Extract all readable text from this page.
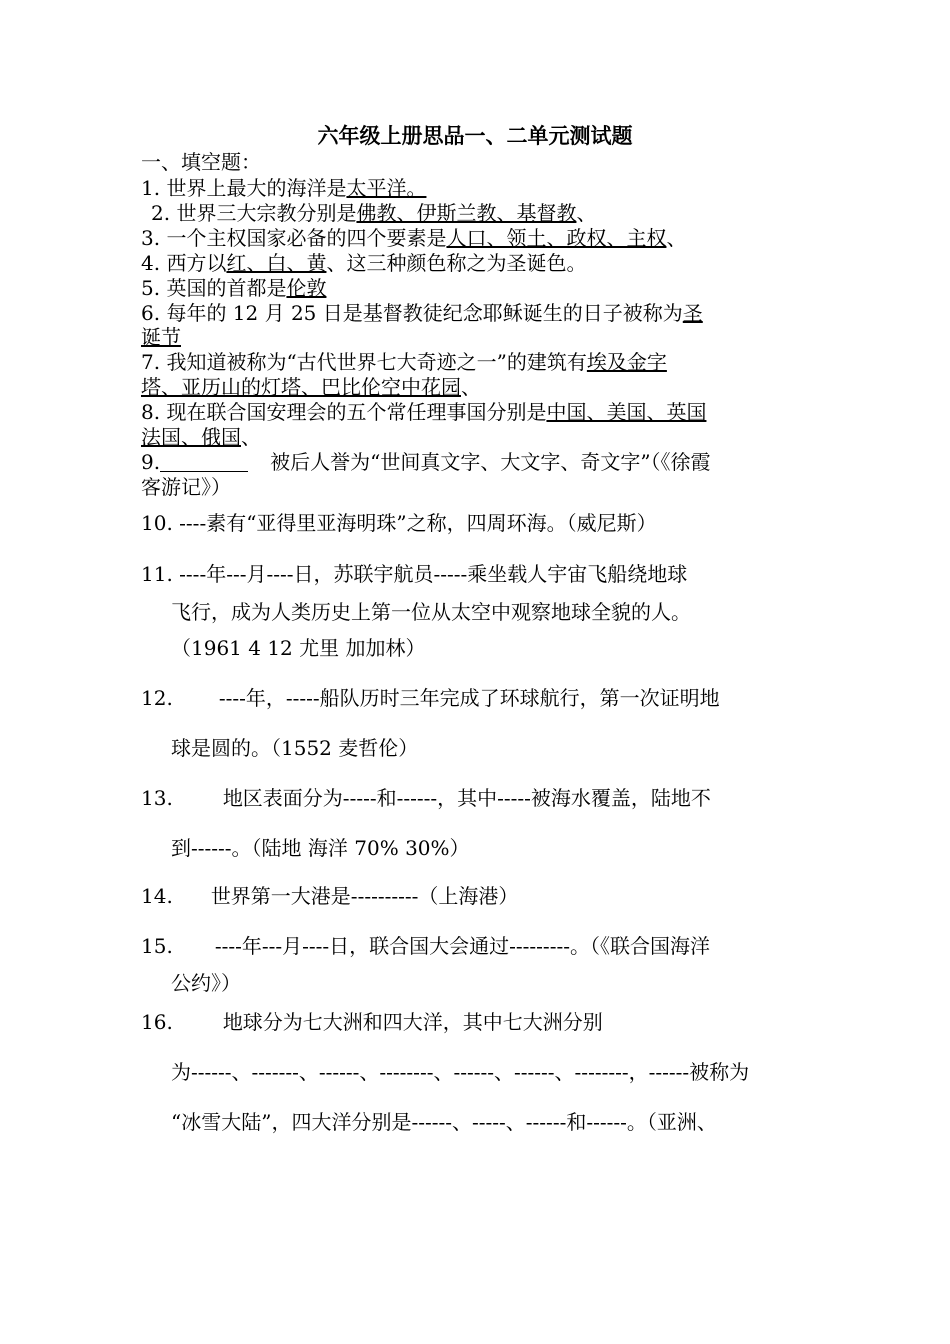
六年级上册思品一、二单元测试题
一、填空题：
1. 世界上最大的海洋是太平洋。
2. 世界三大宗教分别是佛教、伊斯兰教、基督教、
3. 一个主权国家必备的四个要素是人口、领土、政权、主权、
4. 西方以红、白、黄、这三种颜色称之为圣诞色。
5. 英国的首都是伦敦
6. 每年的 12 月 25 日是基督教徒纪念耶稣诞生的日子被称为圣
诞节
7. 我知道被称为“古代世界七大奇迹之一”的建筑有埃及金字
塔、亚历山的灯塔、巴比伦空中花园、
8. 现在联合国安理会的五个常任理事国分别是中国、美国、英国
法国、俄国、
9.	被后人誉为“世间真文字、大文字、奇文字”（《徐霞
客游记》）
10. ----素有“亚得里亚海明珠”之称，四周环海。（威尼斯）
11. ----年---月----日，苏联宇航员-----乘坐载人宇宙飞船绕地球
飞行，成为人类历史上第一位从太空中观察地球全貌的人。
（1961 4 12 尤里 加加林）
12. ----年，-----船队历时三年完成了环球航行，第一次证明地
球是圆的。（1552 麦哲伦）
13.	地区表面分为-----和------，其中-----被海水覆盖，陆地不
到------。（陆地 海洋 70% 30%）
14. 世界第一大港是----------（上海港）
15. ----年---月----日，联合国大会通过---------。（《联合国海洋
公约》）
16.	地球分为七大洲和四大洋，其中七大洲分别
为------、-------、------、--------、------、------、--------，------被称为
“冰雪大陆”，四大洋分别是------、-----、------和------。（亚洲、
